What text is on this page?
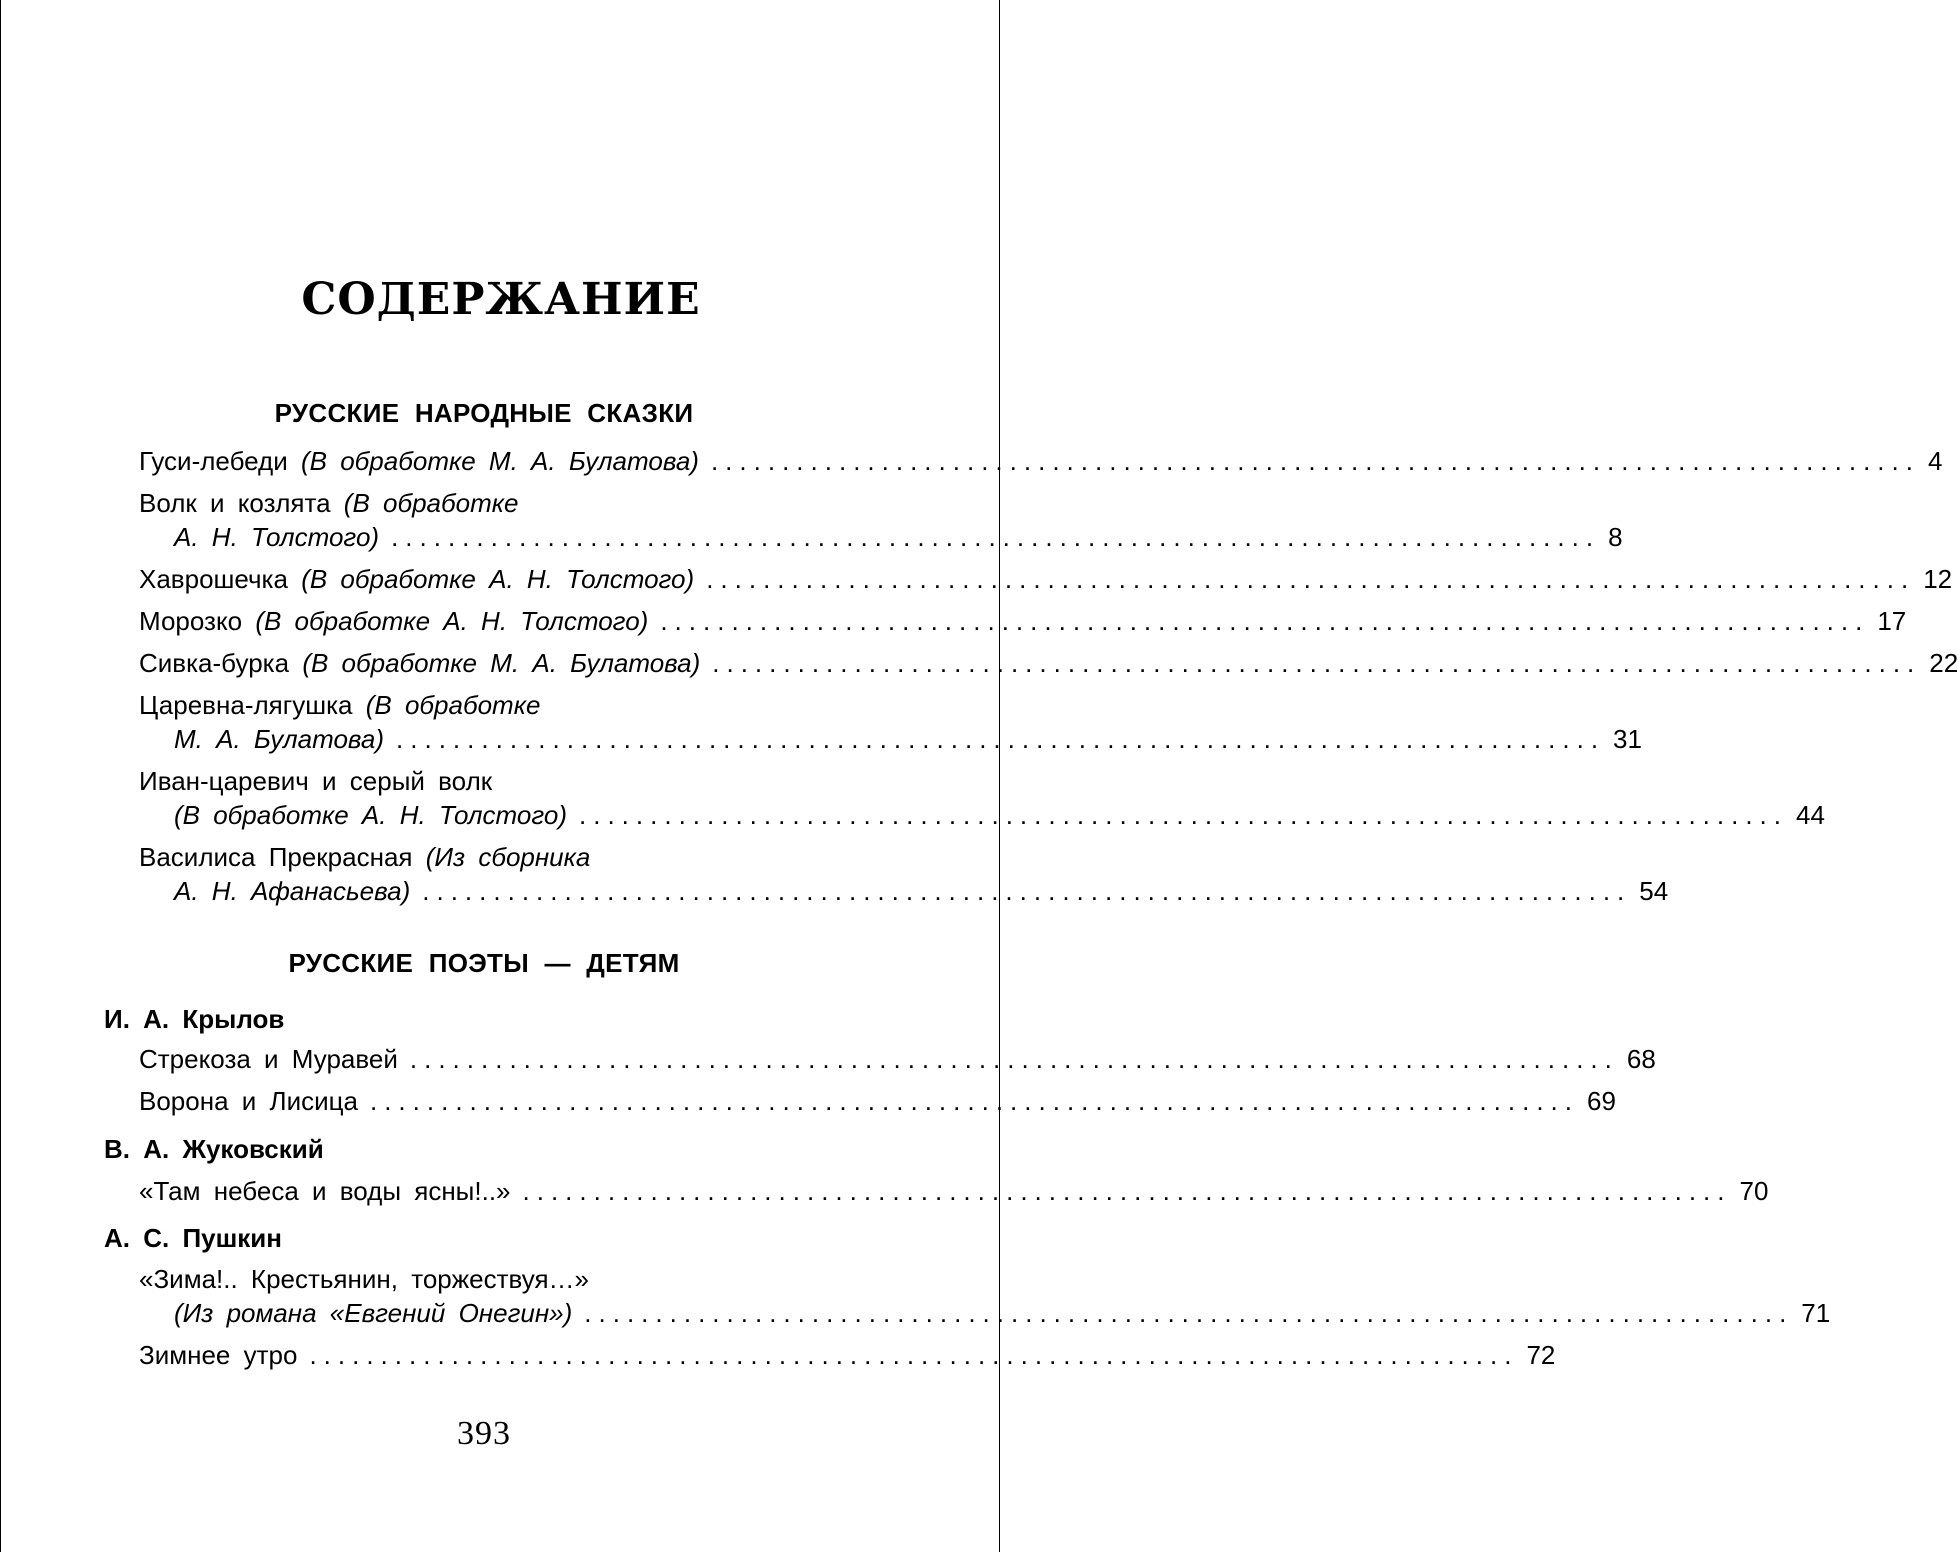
СОДЕРЖАНИЕ
РУССКИЕ НАРОДНЫЕ СКАЗКИ
Гуси-лебеди (В обработке М. А. Булатова) ..................................................................................... 4
Волк и козлята (В обработке
А. Н. Толстого) ..................................................................................... 8
Хаврошечка (В обработке А. Н. Толстого) ..................................................................................... 12
Морозко (В обработке А. Н. Толстого) ..................................................................................... 17
Сивка-бурка (В обработке М. А. Булатова) ..................................................................................... 22
Царевна-лягушка (В обработке
М. А. Булатова) ..................................................................................... 31
Иван-царевич и серый волк
(В обработке А. Н. Толстого) ..................................................................................... 44
Василиса Прекрасная (Из сборника
А. Н. Афанасьева) ..................................................................................... 54
РУССКИЕ ПОЭТЫ — ДЕТЯМ
И. А. Крылов
Стрекоза и Муравей ..................................................................................... 68
Ворона и Лисица ..................................................................................... 69
В. А. Жуковский
«Там небеса и воды ясны!..» ..................................................................................... 70
А. С. Пушкин
«Зима!.. Крестьянин, торжествуя…»
(Из романа «Евгений Онегин») ..................................................................................... 71
Зимнее утро ..................................................................................... 72
393
